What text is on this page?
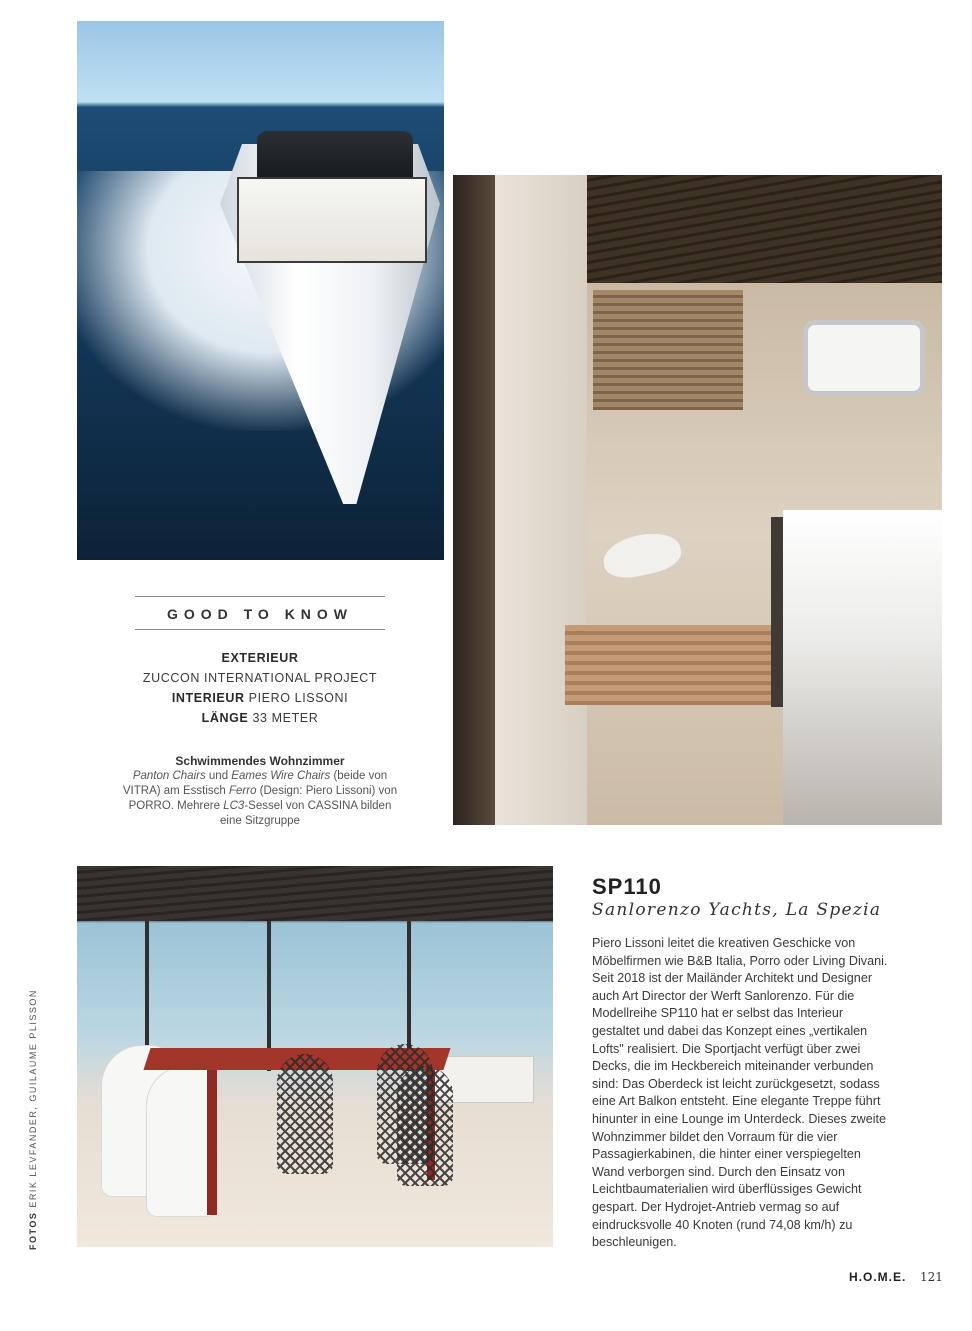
GOOD TO KNOW
EXTERIEUR
ZUCCON INTERNATIONAL PROJECT
INTERIEUR PIERO LISSONI
LÄNGE 33 METER
Schwimmendes Wohnzimmer
Panton Chairs und Eames Wire Chairs (beide von VITRA) am Esstisch Ferro (Design: Piero Lissoni) von PORRO. Mehrere LC3-Sessel von CASSINA bilden eine Sitzgruppe
SP110
Sanlorenzo Yachts, La Spezia

Piero Lissoni leitet die kreativen Geschicke von Möbelfirmen wie B&B Italia, Porro oder Living Divani. Seit 2018 ist der Mailänder Architekt und Designer auch Art Director der Werft Sanlorenzo. Für die Modellreihe SP110 hat er selbst das Interieur gestaltet und dabei das Konzept eines „vertikalen Lofts" realisiert. Die Sportjacht verfügt über zwei Decks, die im Heckbereich miteinander verbunden sind: Das Oberdeck ist leicht zurückgesetzt, sodass eine Art Balkon entsteht. Eine elegante Treppe führt hinunter in eine Lounge im Unterdeck. Dieses zweite Wohnzimmer bildet den Vorraum für die vier Passagierkabinen, die hinter einer verspiegelten Wand verborgen sind. Durch den Einsatz von Leichtbaumaterialien wird überflüssiges Gewicht gespart. Der Hydrojet-Antrieb vermag so auf eindrucksvolle 40 Knoten (rund 74,08 km/h) zu beschleunigen.

FOTOS ERIK LEVFANDER, GUILAUME PLISSON
H.O.M.E. 121
